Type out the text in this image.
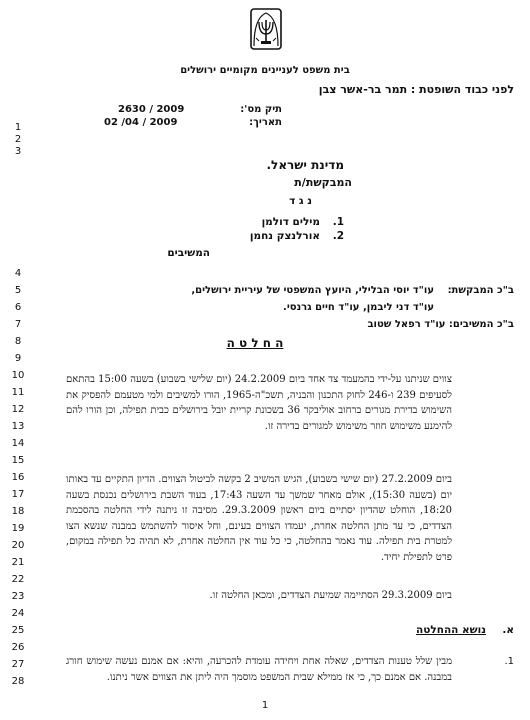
בית משפט לעניינים מקומיים ירושלים
לפני כבוד השופטת : תמר בר-אשר צבן
תיק מס':
2630 / 2009
תאריך:
02 /04 / 2009
מדינת ישראל.
המבקשת/ת
נ ג ד
1.
מילים דולמן
2.
אורלנצק נחמן
המשיבים
1
2
3
4
5
6
7
8
9
10
11
12
13
14
15
16
17
18
19
20
21
22
23
24
25
26
27
28
ב"כ המבקשת:
עו"ד יוסי הבלילי, היועץ המשפטי של עיריית ירושלים,
עו"ד דני ליבמן, עו"ד חיים גרנסי.
ב"כ המשיבים: עו"ד רפאל שטוב
ה ח ל ט ה
צווים שניתנו על-ידי בהמעמד צד אחד ביום 24.2.2009 (יום שלישי בשבוע) בשעה 15:00 בהתאם לסעיפים 239 ו-246 לחוק התכנון והבניה, תשכ"ה-1965, הורו למשיבים ולמי מטעמם להפסיק את השימוש בדירת מגורים ברחוב אוליבקר 36 בשכונת קריית יובל בירושלים כבית תפילה, וכן הורו להם להימנע משימוש חוזר משימוש למגורים בדירה זו.
ביום 27.2.2009 (יום שישי בשבוע), הגיש המשיב 2 בקשה לביטול הצווים. הדיון התקיים עד באותו יום (בשעה 15:30), אולם מאחר שמשך עד השעה 17:43, בעוד השבת בירושלים נכנסת בשעה 18:20, הוחלט שהדיון יסתיים ביום ראשון 29.3.2009. מסיבה זו ניתנה לידי החלטה בהסכמת הצדדים, כי עד מתן החלטה אחרת, יעמדו הצווים בעינם, וחל איסור להשתמש במבנה שנשא הצו למטרת בית תפילה. עוד נאמר בהחלטה, כי כל עוד אין החלטה אחרת, לא תהיה כל תפילה במקום, פרט לתפילת יחיד.
ביום 29.3.2009 הסתיימה שמיעת הצדדים, ומכאן החלטה זו.
א.
נושא ההחלטה
1.
מבין שלל טענות הצדדים, שאלה אחת ויחידה עומדת להכרעה, והיא: אם אמנם נעשה שימוש חורג במבנה. אם אמנם כך, כי אז ממילא שבית המשפט מוסמך היה ליתן את הצווים אשר ניתנו.
1
